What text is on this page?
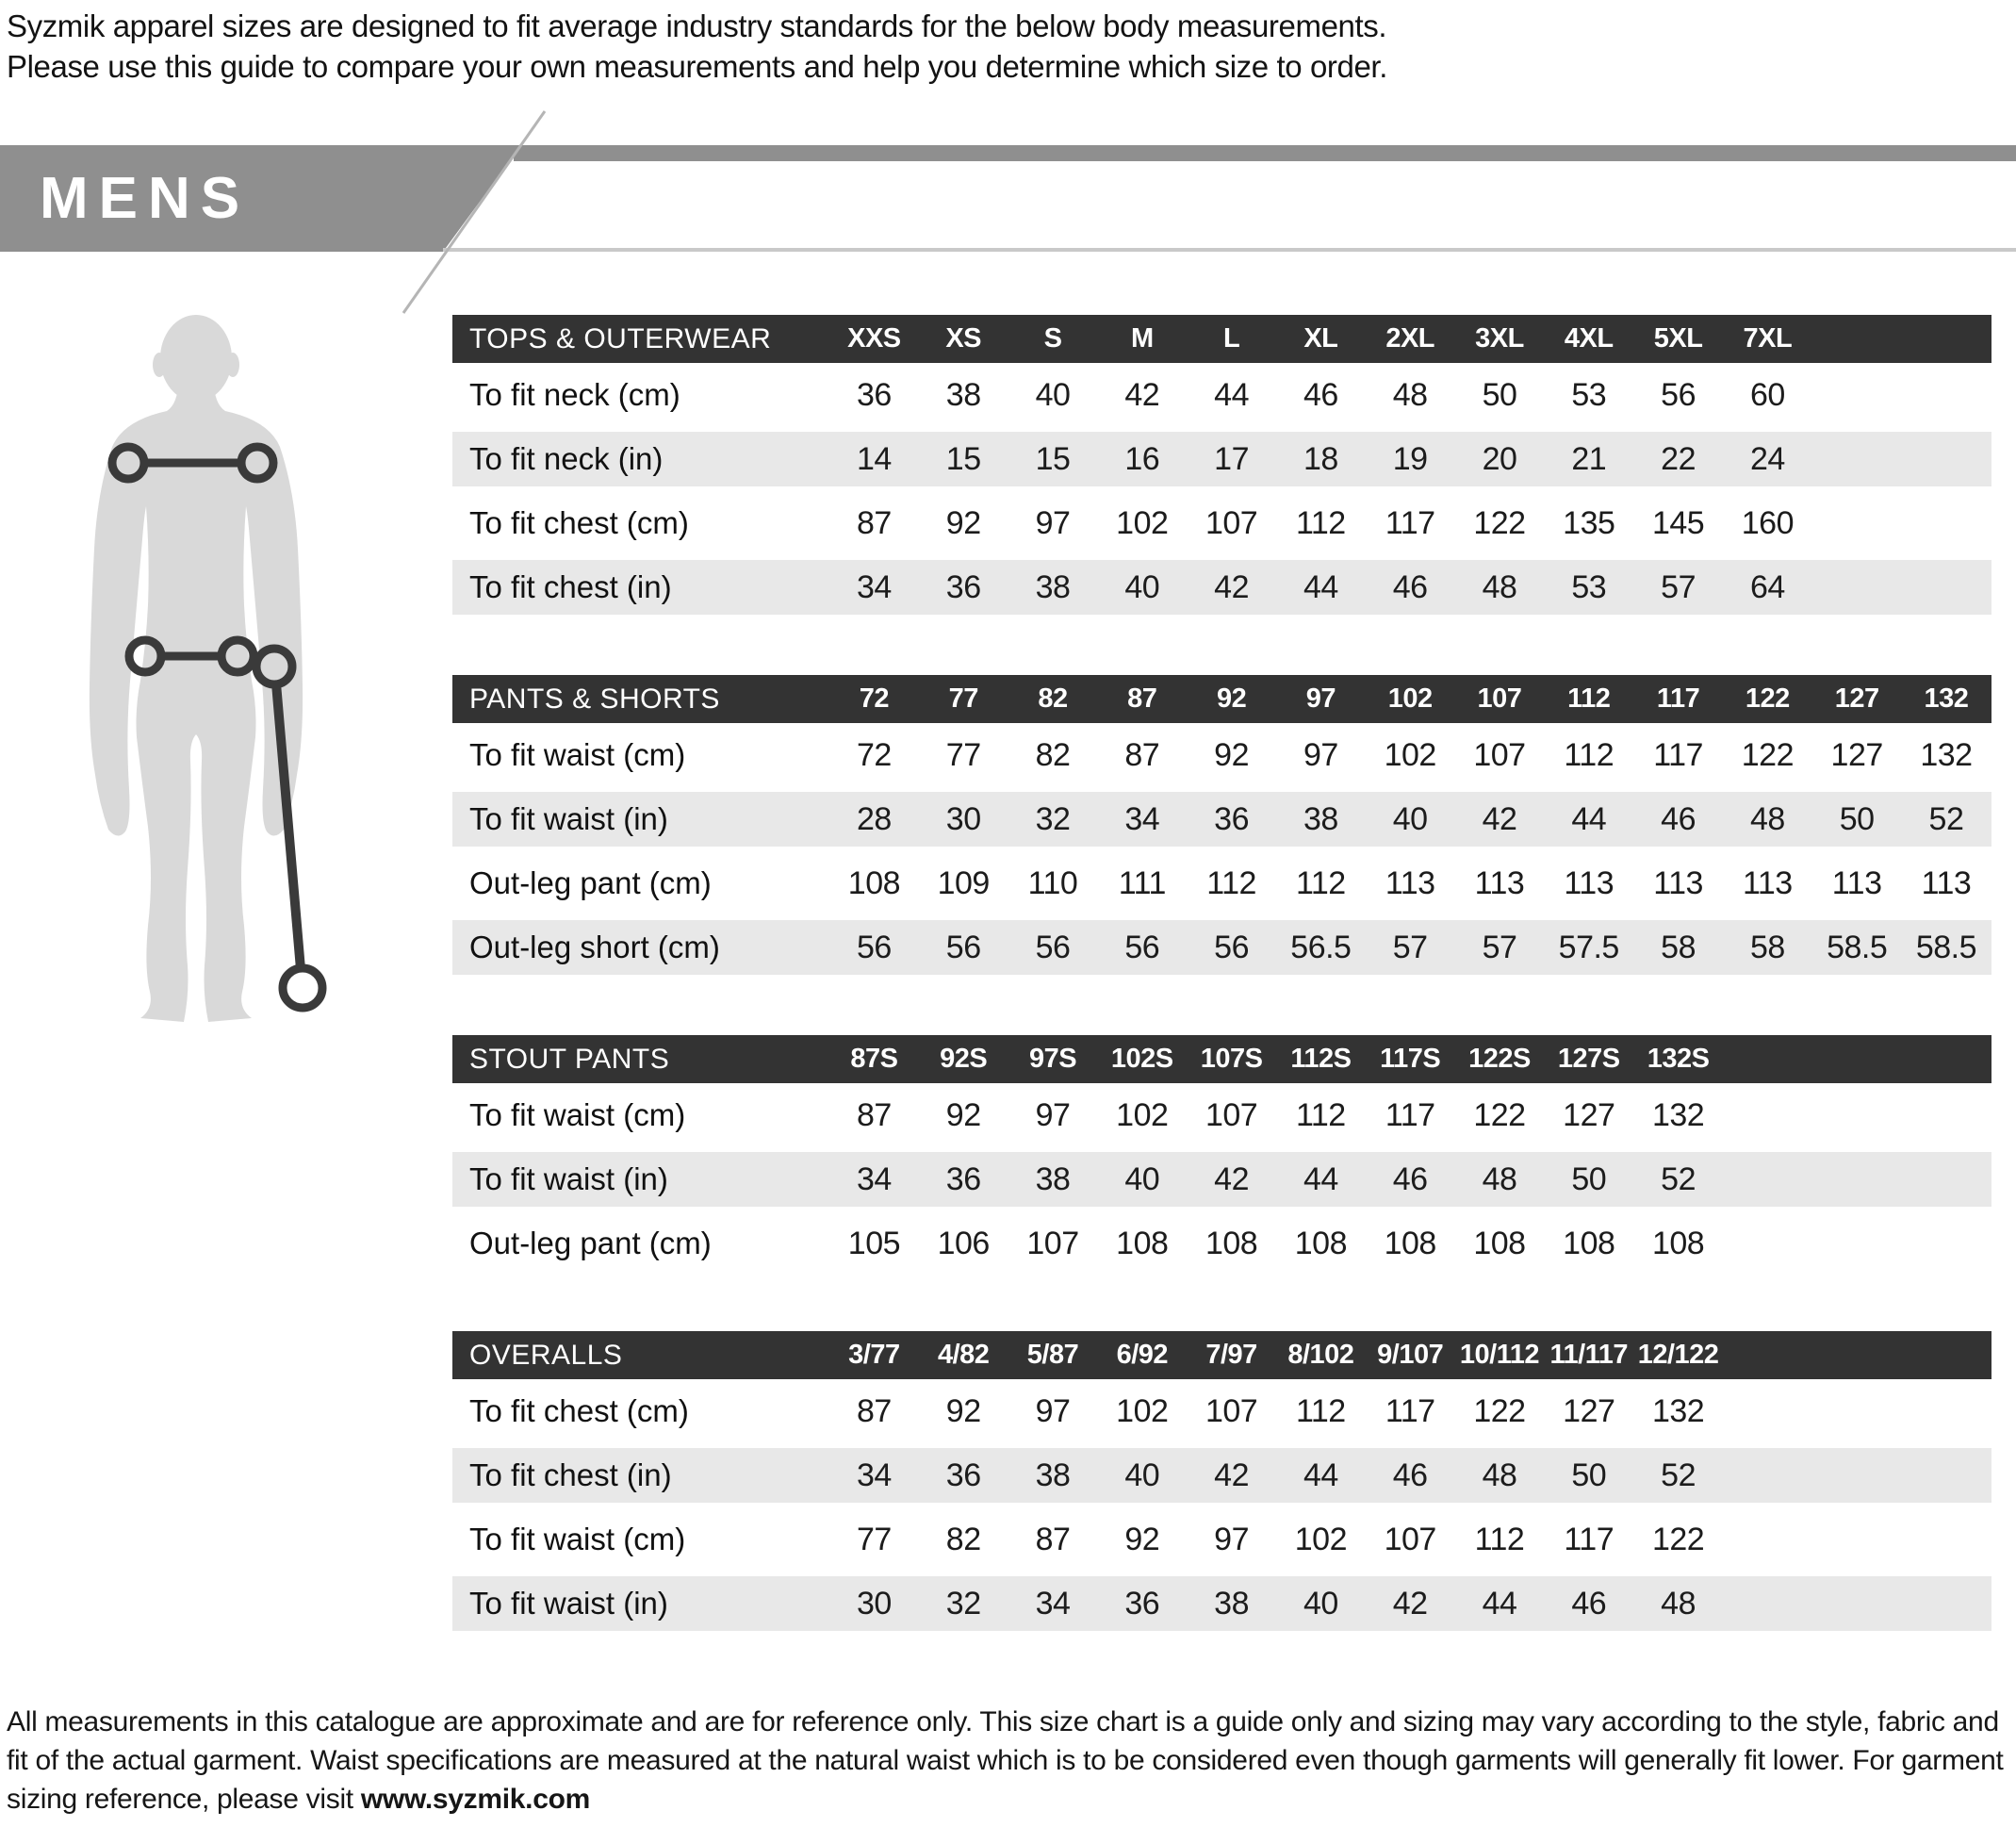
Syzmik apparel sizes are designed to fit average industry standards for the below body measurements.
Please use this guide to compare your own measurements and help you determine which size to order.
MENS
TOPS & OUTERWEAR	XXS	XS	S	M	L	XL	2XL	3XL	4XL	5XL	7XL
To fit neck (cm)	36	38	40	42	44	46	48	50	53	56	60
To fit neck (in)	14	15	15	16	17	18	19	20	21	22	24
To fit chest (cm)	87	92	97	102	107	112	117	122	135	145	160
To fit chest (in)	34	36	38	40	42	44	46	48	53	57	64
PANTS & SHORTS	72	77	82	87	92	97	102	107	112	117	122	127	132
To fit waist (cm)	72	77	82	87	92	97	102	107	112	117	122	127	132
To fit waist (in)	28	30	32	34	36	38	40	42	44	46	48	50	52
Out-leg pant (cm)	108	109	110	111	112	112	113	113	113	113	113	113	113
Out-leg short (cm)	56	56	56	56	56	56.5	57	57	57.5	58	58	58.5 58.5
STOUT PANTS	87S	92S	97S	102S	107S	112S	117S	122S	127S	132S
To fit waist (cm)	87	92	97	102	107	112	117	122	127	132
To fit waist (in)	34	36	38	40	42	44	46	48	50	52
Out-leg pant (cm)	105	106	107	108	108	108	108	108	108	108
OVERALLS	3/77	4/82	5/87	6/92	7/97	8/102 9/107 10/112 11/117 12/122
To fit chest (cm)	87	92	97	102	107	112	117	122	127	132
To fit chest (in)	34	36	38	40	42	44	46	48	50	52
To fit waist (cm)	77	82	87	92	97	102	107	112	117	122
To fit waist (in)	30	32	34	36	38	40	42	44	46	48

All measurements in this catalogue are approximate and are for reference only. This size chart is a guide only and sizing may vary according to the style, fabric and fit of the actual garment. Waist specifications are measured at the natural waist which is to be considered even though garments will generally fit lower. For garment sizing reference, please visit www.syzmik.com
